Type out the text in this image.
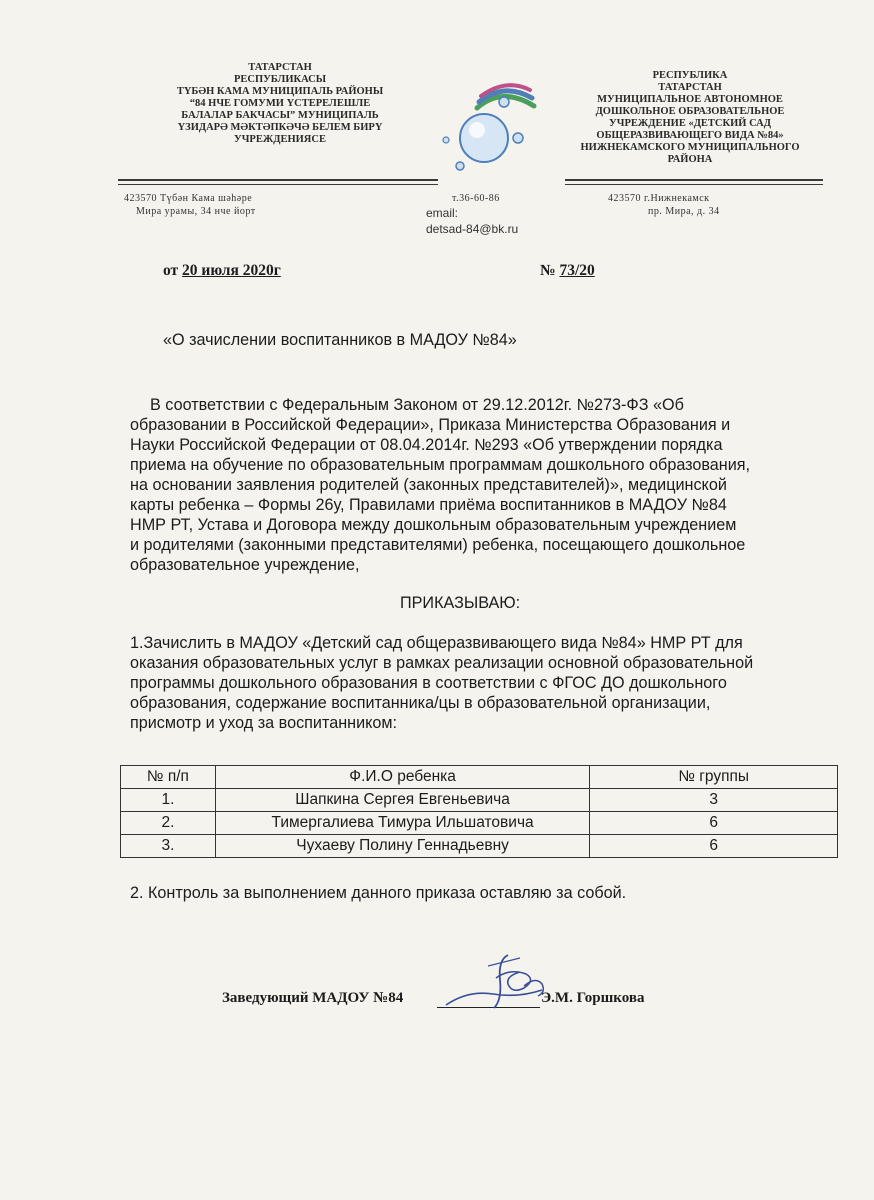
ТАТАРСТАН
РЕСПУБЛИКАСЫ
ТҮБӘН КАМА МУНИЦИПАЛЬ РАЙОНЫ
“84 НЧЕ ГОМУМИ ҮСТЕРЕЛЕШЛЕ
БАЛАЛАР БАКЧАСЫ” МУНИЦИПАЛЬ
ҮЗИДАРӘ МӘКТӘПКӘЧӘ БЕЛЕМ БИРҮ
УЧРЕЖДЕНИЯСЕ
РЕСПУБЛИКА
ТАТАРСТАН
МУНИЦИПАЛЬНОЕ АВТОНОМНОЕ
ДОШКОЛЬНОЕ ОБРАЗОВАТЕЛЬНОЕ
УЧРЕЖДЕНИЕ «ДЕТСКИЙ САД
ОБЩЕРАЗВИВАЮЩЕГО ВИДА №84»
НИЖНЕКАМСКОГО МУНИЦИПАЛЬНОГО
РАЙОНА
423570 Түбән Кама шәһәре
Мира урамы, 34 нче йорт
т.36-60-86
email:
detsad-84@bk.ru
423570 г.Нижнекамск
пр. Мира, д. 34
от 20 июля 2020г	№ 73/20
«О зачислении воспитанников в МАДОУ №84»
В соответствии с Федеральным Законом от 29.12.2012г. №273-ФЗ «Об
образовании в Российской Федерации», Приказа Министерства Образования и
Науки Российской Федерации от 08.04.2014г. №293 «Об утверждении порядка
приема на обучение по образовательным программам дошкольного образования,
на основании заявления родителей (законных представителей)», медицинской
карты ребенка – Формы 26у, Правилами приёма воспитанников в МАДОУ №84
НМР РТ, Устава и Договора между дошкольным образовательным учреждением
и родителями (законными представителями) ребенка, посещающего дошкольное
образовательное учреждение,
ПРИКАЗЫВАЮ:
1.Зачислить в МАДОУ «Детский сад общеразвивающего вида №84» НМР РТ для
оказания образовательных услуг в рамках реализации основной образовательной
программы дошкольного образования в соответствии с ФГОС ДО дошкольного
образования, содержание воспитанника/цы в образовательной организации,
присмотр и уход за воспитанником:
№ п/п	Ф.И.О ребенка	№ группы
1.	Шапкина Сергея Евгеньевича	3
2.	Тимергалиева Тимура Ильшатовича	6
3.	Чухаеву Полину Геннадьевну	6
2. Контроль за выполнением данного приказа оставляю за собой.
Заведующий МАДОУ №84	Э.М. Горшкова
